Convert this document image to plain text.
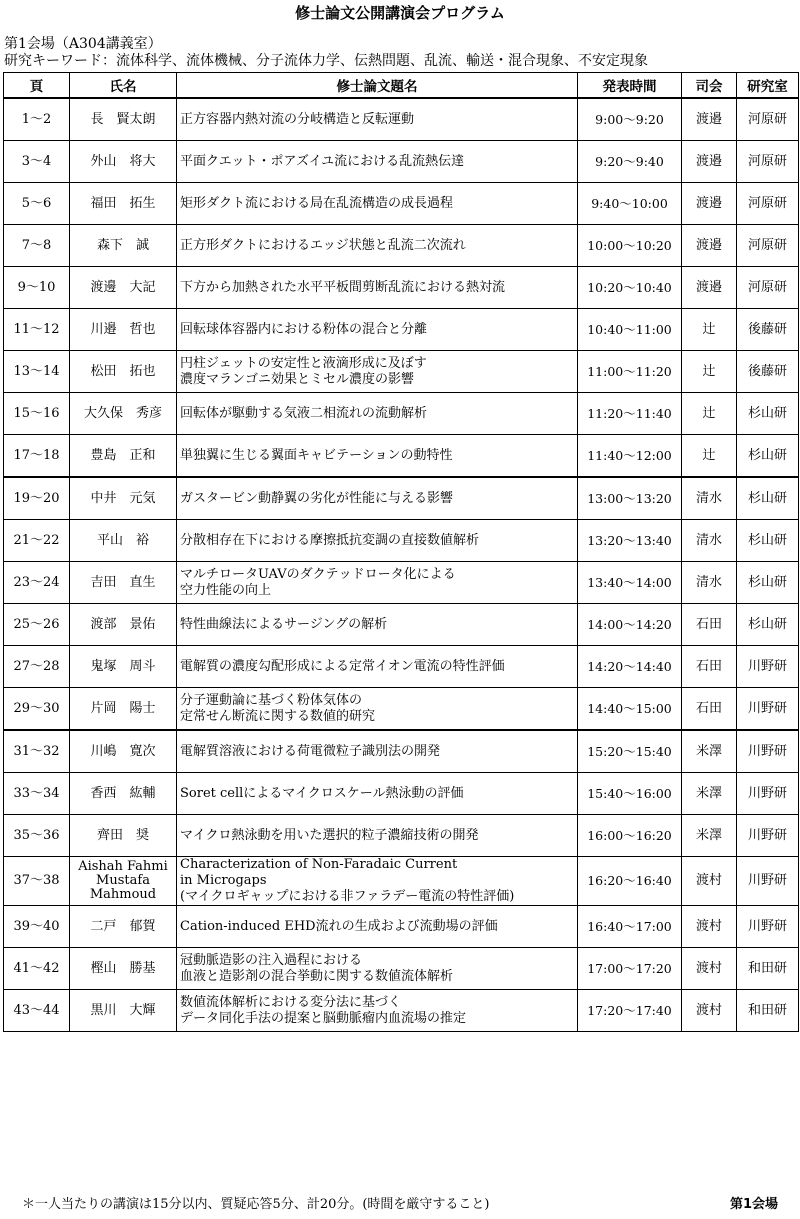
修士論文公開講演会プログラム
第1会場（A304講義室）
研究キーワード：流体科学、流体機械、分子流体力学、伝熱問題、乱流、輸送・混合現象、不安定現象
頁	氏名	修士論文題名	発表時間	司会	研究室
1～2	長　賢太朗	正方容器内熱対流の分岐構造と反転運動	9:00～9:20	渡邉	河原研
3～4	外山　将大	平面クエット・ポアズイユ流における乱流熱伝達	9:20～9:40	渡邉	河原研
5～6	福田　拓生	矩形ダクト流における局在乱流構造の成長過程	9:40～10:00	渡邉	河原研
7～8	森下　誠	正方形ダクトにおけるエッジ状態と乱流二次流れ	10:00～10:20	渡邉	河原研
9～10	渡邊　大記	下方から加熱された水平平板間剪断乱流における熱対流	10:20～10:40	渡邉	河原研
11～12	川邉　哲也	回転球体容器内における粉体の混合と分離	10:40～11:00	辻	後藤研
13～14	松田　拓也	円柱ジェットの安定性と液滴形成に及ぼす
濃度マランゴニ効果とミセル濃度の影響	11:00～11:20	辻	後藤研
15～16	大久保　秀彦	回転体が駆動する気液二相流れの流動解析	11:20～11:40	辻	杉山研
17～18	豊島　正和	単独翼に生じる翼面キャビテーションの動特性	11:40～12:00	辻	杉山研
19～20	中井　元気	ガスタービン動静翼の劣化が性能に与える影響	13:00～13:20	清水	杉山研
21～22	平山　裕	分散相存在下における摩擦抵抗変調の直接数値解析	13:20～13:40	清水	杉山研
23～24	吉田　直生	マルチロータUAVのダクテッドロータ化による
空力性能の向上	13:40～14:00	清水	杉山研
25～26	渡部　景佑	特性曲線法によるサージングの解析	14:00～14:20	石田	杉山研
27～28	鬼塚　周斗	電解質の濃度勾配形成による定常イオン電流の特性評価	14:20～14:40	石田	川野研
29～30	片岡　陽士	分子運動論に基づく粉体気体の
定常せん断流に関する数値的研究	14:40～15:00	石田	川野研
31～32	川嶋　寛次	電解質溶液における荷電微粒子識別法の開発	15:20～15:40	米澤	川野研
33～34	香西　紘輔	Soret cellによるマイクロスケール熱泳動の評価	15:40～16:00	米澤	川野研
35～36	齊田　奨	マイクロ熱泳動を用いた選択的粒子濃縮技術の開発	16:00～16:20	米澤	川野研
37～38	Aishah Fahmi
Mustafa
Mahmoud	Characterization of Non-Faradaic Current
in Microgaps
(マイクロギャップにおける非ファラデー電流の特性評価)	16:20～16:40	渡村	川野研
39～40	二戸　郁賀	Cation-induced EHD流れの生成および流動場の評価	16:40～17:00	渡村	川野研
41～42	樫山　勝基	冠動脈造影の注入過程における
血液と造影剤の混合挙動に関する数値流体解析	17:00～17:20	渡村	和田研
43～44	黒川　大輝	数値流体解析における変分法に基づく
データ同化手法の提案と脳動脈瘤内血流場の推定	17:20～17:40	渡村	和田研
＊一人当たりの講演は15分以内、質疑応答5分、計20分。(時間を厳守すること)	第1会場
